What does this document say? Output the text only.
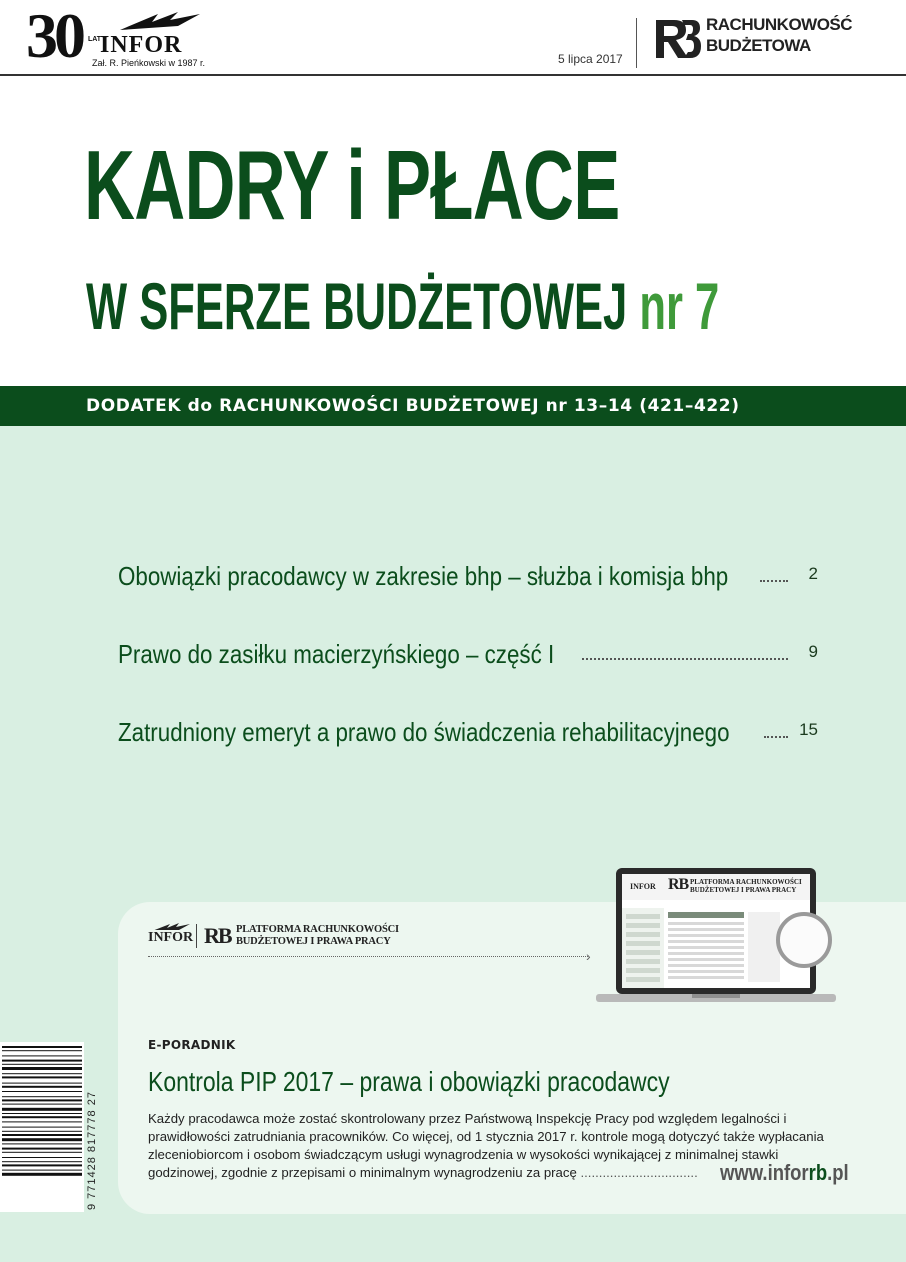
30 LAT
INFOR
Zał. R. Pieńkowski w 1987 r.	5 lipca 2017
RACHUNKOWOŚĆ
BUDŻETOWA
KADRY i PŁACE
W SFERZE BUDŻETOWEJ nr 7
DODATEK do RACHUNKOWOŚCI BUDŻETOWEJ nr 13–14 (421–422)
Obowiązki pracodawcy w zakresie bhp – służba i komisja bhp	2
Prawo do zasiłku macierzyńskiego – część I	9
Zatrudniony emeryt a prawo do świadczenia rehabilitacyjnego	15
INFOR RB PLATFORMA RACHUNKOWOŚCI
BUDŻETOWEJ I PRAWA PRACY
›
INFOR RB PLATFORMA RACHUNKOWOŚCI
BUDŻETOWEJ I PRAWA PRACY
E-PORADNIK
Kontrola PIP 2017 – prawa i obowiązki pracodawcy
Każdy pracodawca może zostać skontrolowany przez Państwową Inspekcję Pracy pod względem legalności i prawidłowości zatrudniania pracowników. Co więcej, od 1 stycznia 2017 r. kontrole mogą dotyczyć także wypłacania zleceniobiorcom i osobom świadczącym usługi wynagrodzenia w wysokości wynikającej z minimalnej stawki godzinowej, zgodnie z przepisami o minimalnym wynagrodzeniu za pracę ................................	www.inforrb.pl
9 771428 817778 27
